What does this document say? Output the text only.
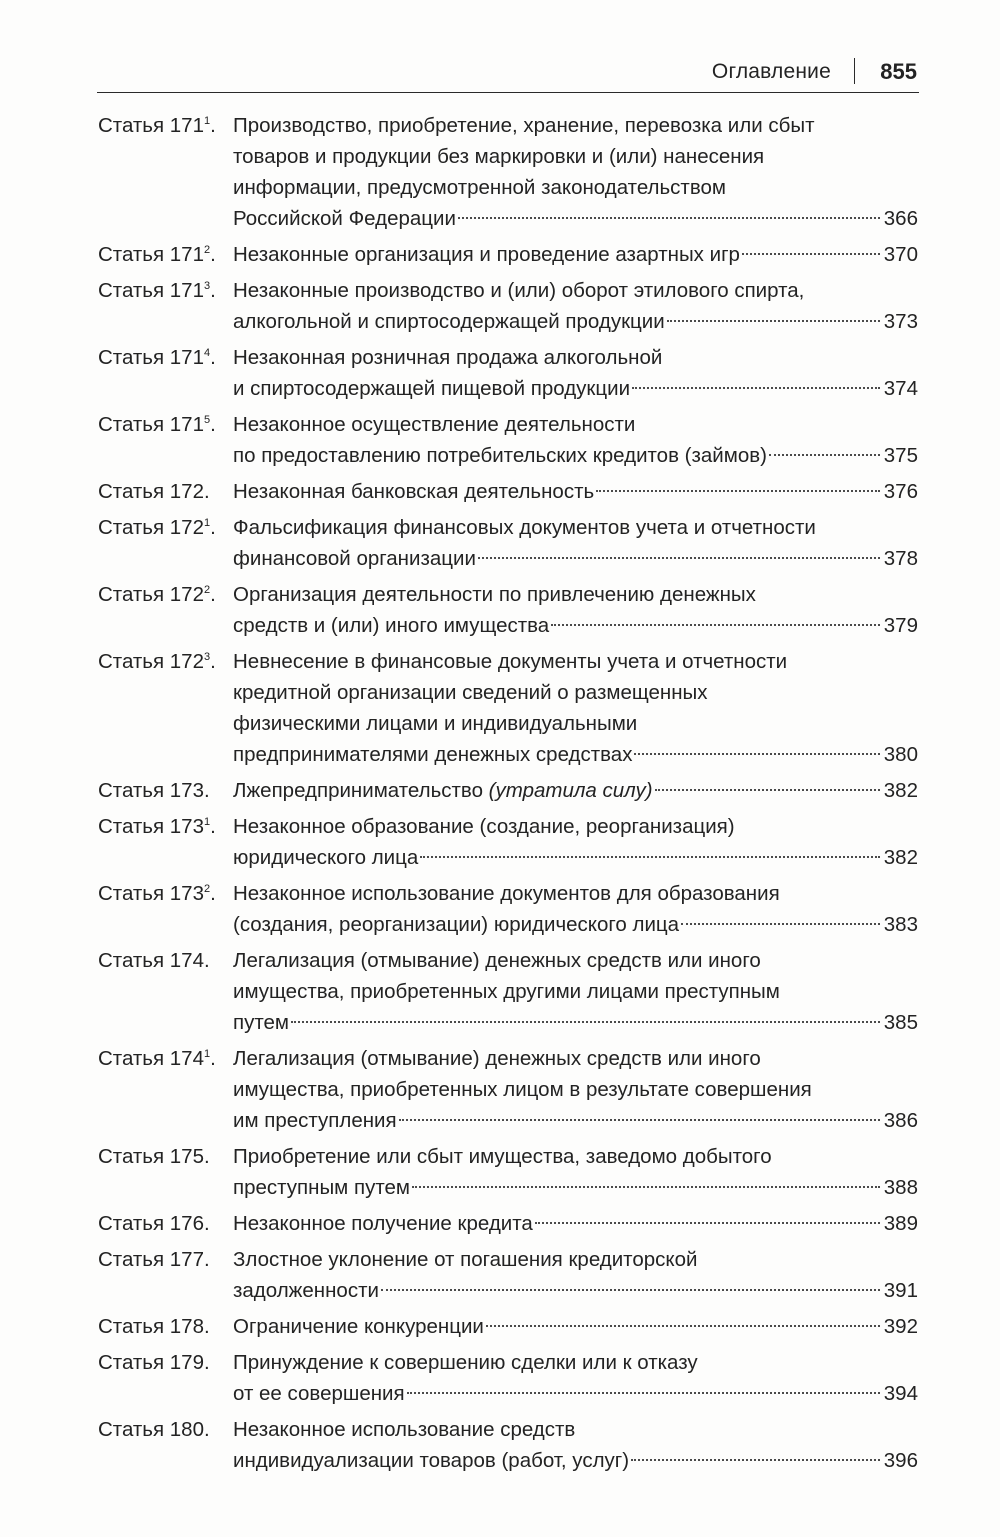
Оглавление 855
Статья $171^1$. Производство, приобретение, хранение, перевозка или сбыт
товаров и продукции без маркировки и (или) нанесения
информации, предусмотренной законодательством
Российской Федерации	366
Статья $171^2$. Незаконные организация и проведение азартных игр	370
Статья $171^3$. Незаконные производство и (или) оборот этилового спирта,
алкогольной и спиртосодержащей продукции	373
Статья $171^4$. Незаконная розничная продажа алкогольной
и спиртосодержащей пищевой продукции	374
Статья $171^5$. Незаконное осуществление деятельности
по предоставлению потребительских кредитов (займов)	375
Статья 172.	Незаконная банковская деятельность	376
Статья $172^1$. Фальсификация финансовых документов учета и отчетности
финансовой организации	378
Статья $172^2$. Организация деятельности по привлечению денежных
средств и (или) иного имущества	379
Статья $172^3$. Невнесение в финансовые документы учета и отчетности
кредитной организации сведений о размещенных
физическими лицами и индивидуальными
предпринимателями денежных средствах	380
Статья 173.	Лжепредпринимательство (утратила силу)	382
Статья $173^1$. Незаконное образование (создание, реорганизация)
юридического лица	382
Статья $173^2$. Незаконное использование документов для образования
(создания, реорганизации) юридического лица	383
Статья 174.	Легализация (отмывание) денежных средств или иного
имущества, приобретенных другими лицами преступным
путем	385
Статья $174^1$. Легализация (отмывание) денежных средств или иного
имущества, приобретенных лицом в результате совершения
им преступления	386
Статья 175.	Приобретение или сбыт имущества, заведомо добытого
преступным путем	388
Статья 176.	Незаконное получение кредита	389
Статья 177.	Злостное уклонение от погашения кредиторской
задолженности	391
Статья 178.	Ограничение конкуренции	392
Статья 179.	Принуждение к совершению сделки или к отказу
от ее совершения	394
Статья 180.	Незаконное использование средств
индивидуализации товаров (работ, услуг)	396
